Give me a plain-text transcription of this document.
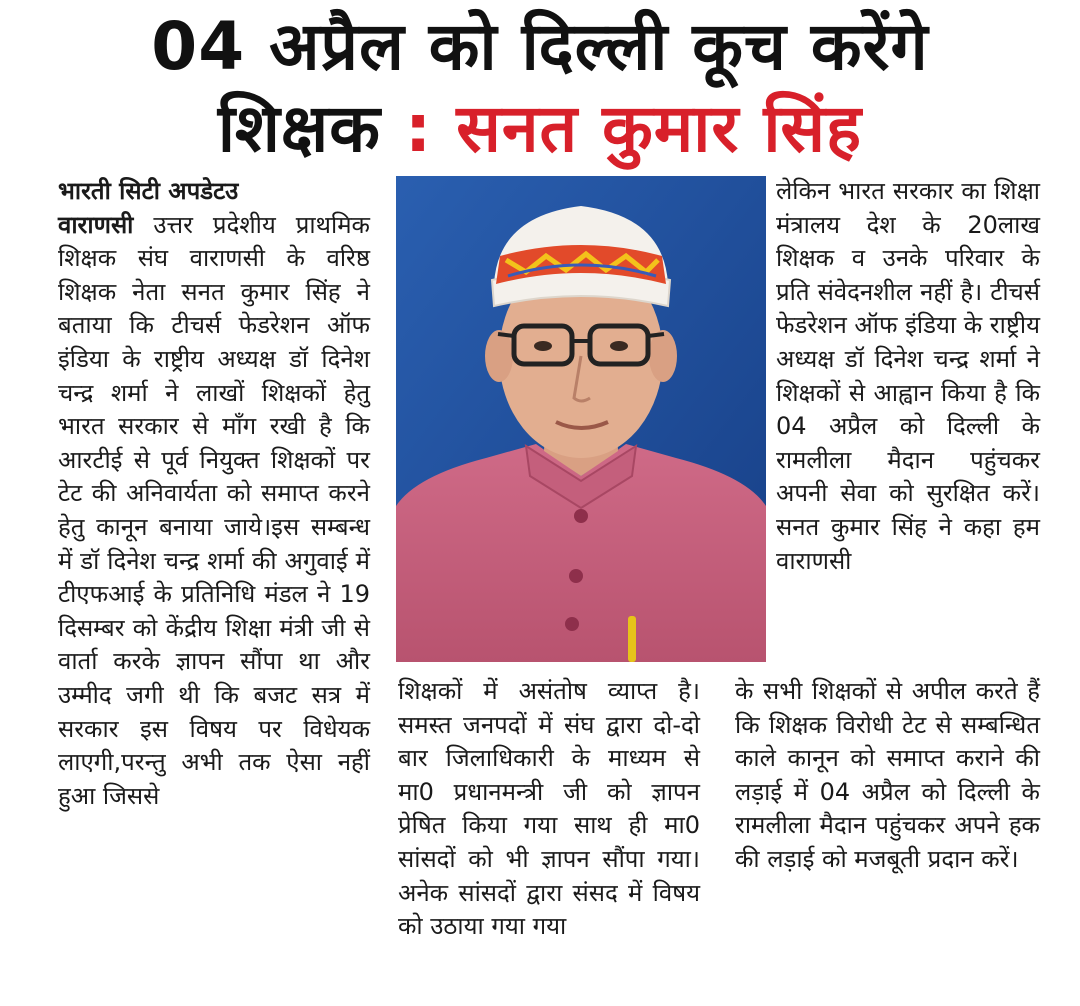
04 अप्रैल को दिल्ली कूच करेंगे
शिक्षक : सनत कुमार सिंह

भारती सिटी अपडेटउ

वाराणसी उत्तर प्रदेशीय प्राथमिक शिक्षक संघ वाराणसी के वरिष्ठ शिक्षक नेता सनत कुमार सिंह ने बताया कि टीचर्स फेडरेशन ऑफ इंडिया के राष्ट्रीय अध्यक्ष डॉ दिनेश चन्द्र शर्मा ने लाखों शिक्षकों हेतु भारत सरकार से माँग रखी है कि आरटीई से पूर्व नियुक्त शिक्षकों पर टेट की अनिवार्यता को समाप्त करने हेतु कानून बनाया जाये।इस सम्बन्ध में डॉ दिनेश चन्द्र शर्मा की अगुवाई में टीएफआई के प्रतिनिधि मंडल ने 19 दिसम्बर को केंद्रीय शिक्षा मंत्री जी से वार्ता करके ज्ञापन सौंपा था और उम्मीद जगी थी कि बजट सत्र में सरकार इस विषय पर विधेयक लाएगी,परन्तु अभी तक ऐसा नहीं हुआ जिससे

शिक्षकों में असंतोष व्याप्त है। समस्त जनपदों में संघ द्वारा दो-दो बार जिलाधिकारी के माध्यम से मा0 प्रधानमन्त्री जी को ज्ञापन प्रेषित किया गया साथ ही मा0 सांसदों को भी ज्ञापन सौंपा गया।अनेक सांसदों द्वारा संसद में विषय को उठाया गया गया

लेकिन भारत सरकार का शिक्षा मंत्रालय देश के 20लाख शिक्षक व उनके परिवार के प्रति संवेदनशील नहीं है। टीचर्स फेडरेशन ऑफ इंडिया के राष्ट्रीय अध्यक्ष डॉ दिनेश चन्द्र शर्मा ने शिक्षकों से आह्वान किया है कि 04 अप्रैल को दिल्ली के रामलीला मैदान पहुंचकर अपनी सेवा को सुरक्षित करें। सनत कुमार सिंह ने कहा हम वाराणसी

के सभी शिक्षकों से अपील करते हैं कि शिक्षक विरोधी टेट से सम्बन्धित काले कानून को समाप्त कराने की लड़ाई में 04 अप्रैल को दिल्ली के रामलीला मैदान पहुंचकर अपने हक की लड़ाई को मजबूती प्रदान करें।
